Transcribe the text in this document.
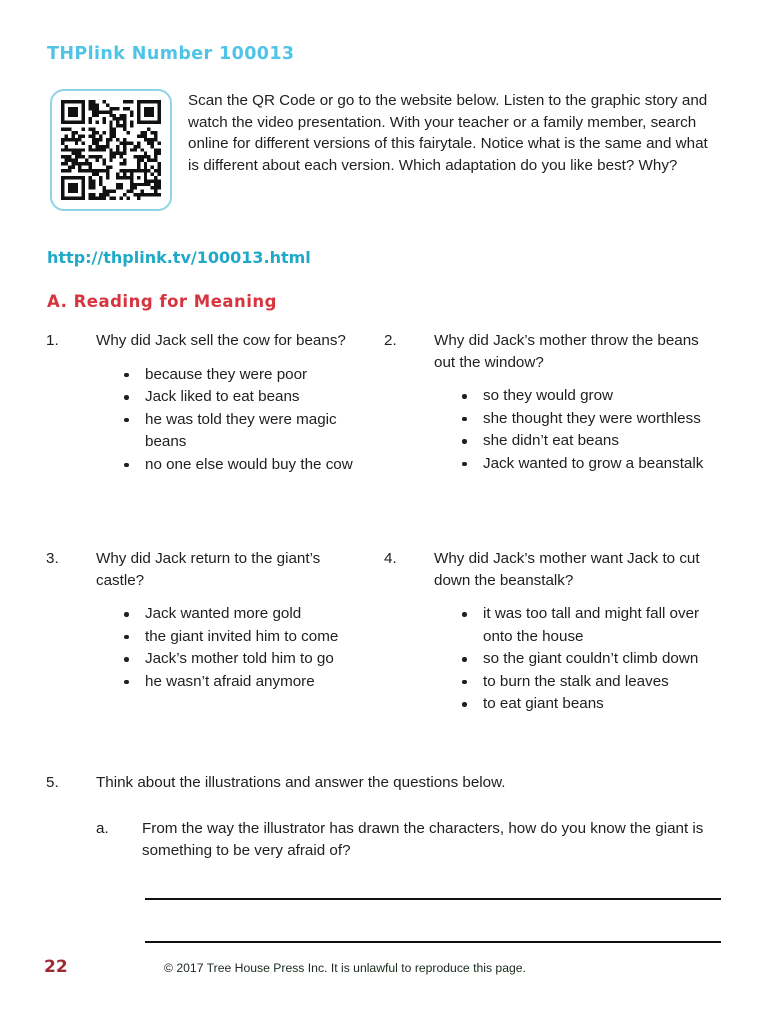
THPlink Number 100013
Scan the QR Code or go to the website below. Listen to the graphic story and watch the video presentation. With your teacher or a family member, search online for different versions of this fairytale. Notice what is the same and what is different about each version. Which adaptation do you like best? Why?
http://thplink.tv/100013.html
A. Reading for Meaning
1.	Why did Jack sell the cow for beans?
because they were poor
Jack liked to eat beans
he was told they were magic beans
no one else would buy the cow
2.	Why did Jack’s mother throw the beans out the window?
so they would grow
she thought they were worthless
she didn’t eat beans
Jack wanted to grow a beanstalk
3.	Why did Jack return to the giant’s castle?
Jack wanted more gold
the giant invited him to come
Jack’s mother told him to go
he wasn’t afraid anymore
4.	Why did Jack’s mother want Jack to cut down the beanstalk?
it was too tall and might fall over onto the house
so the giant couldn’t climb down
to burn the stalk and leaves
to eat giant beans
5.	Think about the illustrations and answer the questions below.
a.	From the way the illustrator has drawn the characters, how do you know the giant is something to be very afraid of?
22	© 2017 Tree House Press Inc. It is unlawful to reproduce this page.
